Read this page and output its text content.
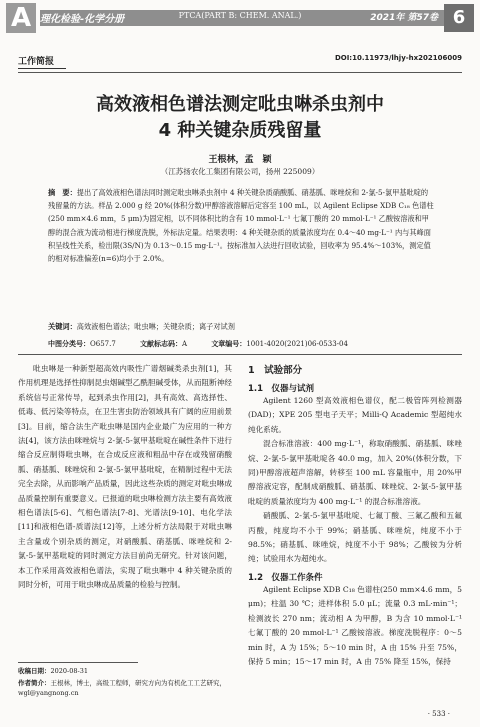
A 理化检验-化学分册	PTCA(PART B: CHEM. ANAL.)	2021年 第57卷 6
工作简报	DOI:10.11973/lhjy-hx202106009
高效液相色谱法测定吡虫啉杀虫剂中
4 种关键杂质残留量
王根林，孟　颖
（江苏扬农化工集团有限公司，扬州 225009）
摘　要：提出了高效液相色谱法同时测定吡虫啉杀虫剂中 4 种关键杂质硝酸胍、硝基胍、咪唑烷和 2-氯-5-氯甲基吡啶的残留量的方法。样品 2.000 g 经 20%(体积分数)甲醇溶液溶解后定容至 100 mL，以 Agilent Eclipse XDB C₁₈ 色谱柱(250 mm×4.6 mm，5 μm)为固定相，以不同体积比的含有 10 mmol·L⁻¹ 七氟丁酸的 20 mmol·L⁻¹ 乙酸铵溶液和甲醇的混合液为流动相进行梯度洗脱，外标法定量。结果表明：4 种关键杂质的质量浓度均在 0.4～40 mg·L⁻¹ 内与其峰面积呈线性关系，检出限(3S/N)为 0.13～0.15 mg·L⁻¹。按标准加入法进行回收试验，回收率为 95.4%～103%，测定值的相对标准偏差(n=6)均小于 2.0%。
关键词：高效液相色谱法；吡虫啉；关键杂质；离子对试剂
中图分类号：O657.7	文献标志码：A	文章编号：1001-4020(2021)06-0533-04

吡虫啉是一种新型超高效内吸性广谱烟碱类杀虫剂[1]，其作用机理是选择性抑制昆虫烟碱型乙酰胆碱受体，从而阻断神经系统信号正常传导，起到杀虫作用[2]，具有高效、高选择性、低毒、低污染等特点，在卫生害虫防治领域具有广阔的应用前景[3]。目前，缩合法生产吡虫啉是国内企业最广为应用的一种方法[4]，该方法由咪唑烷与 2-氯-5-氯甲基吡啶在碱性条件下进行缩合反应制得吡虫啉，在合成反应液和粗品中存在或残留硝酸胍、硝基胍、咪唑烷和 2-氯-5-氯甲基吡啶，在精制过程中无法完全去除，从而影响产品质量，因此这些杂质的测定对吡虫啉成品质量控制有重要意义。已报道的吡虫啉检测方法主要有高效液相色谱法[5-6]、气相色谱法[7-8]、光谱法[9-10]、电化学法[11]和液相色谱-质谱法[12]等，上述分析方法局限于对吡虫啉主含量或个别杂质的测定，对硝酸胍、硝基胍、咪唑烷和 2-氯-5-氯甲基吡啶的同时测定方法目前尚无研究。针对该问题，本工作采用高效液相色谱法，实现了吡虫啉中 4 种关键杂质的同时分析，可用于吡虫啉成品质量的检验与控制。

1　试验部分
1.1　仪器与试剂

Agilent 1260 型高效液相色谱仪，配二极管阵列检测器(DAD)；XPE 205 型电子天平；Milli-Q Academic 型超纯水纯化系统。

混合标准溶液：400 mg·L⁻¹，称取硝酸胍、硝基胍、咪唑烷、2-氯-5-氯甲基吡啶各 40.0 mg，加入 20%(体积分数，下同)甲醇溶液超声溶解，转移至 100 mL 容量瓶中，用 20%甲醇溶液定容，配制成硝酸胍、硝基胍、咪唑烷、2-氯-5-氯甲基吡啶的质量浓度均为 400 mg·L⁻¹ 的混合标准溶液。

硝酸胍、2-氯-5-氯甲基吡啶、七氟丁酸、三氟乙酸和五氟丙酸，纯度均不小于 99%；硝基胍、咪唑烷，纯度不小于 98.5%；硝基胍、咪唑烷，纯度不小于 98%；乙酸铵为分析纯；试验用水为超纯水。

1.2　仪器工作条件

Agilent Eclipse XDB C₁₈ 色谱柱(250 mm×4.6 mm，5 μm)；柱温 30 ℃；进样体积 5.0 μL；流量 0.3 mL·min⁻¹；检测波长 270 nm；流动相 A 为甲醇，B 为含 10 mmol·L⁻¹ 七氟丁酸的 20 mmol·L⁻¹ 乙酸铵溶液。梯度洗脱程序：0～5 min 时，A 为 15%；5～10 min 时，A 由 15% 升至 75%，保持 5 min；15～17 min 时，A 由 75% 降至 15%，保持

收稿日期：2020-08-31
作者简介：王根林，博士，高级工程师，研究方向为有机化工工艺研究，wgl@yangnong.cn
· 533 ·
